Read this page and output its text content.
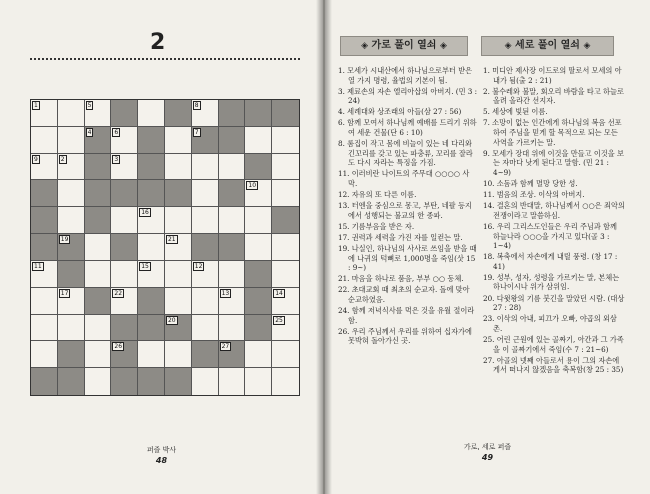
2
1	5	8
4	6	7
9	2	3
10
16
19	21
11	15	12
17	22	13	14
20	25
26	27
퍼즐 박사
48
◈ 가로 풀이 열쇠 ◈	◈ 세로 풀이 열쇠 ◈
1. 모세가 시내산에서 하나님으로부터 받은 열 가지 명령, 율법의 기본이 됨.
3. 제료손의 자손 엘리아삽의 아버지. (민 3 : 24)
4. 세례대와 상조래의 아들(삼 27 : 56)
6. 함께 모여서 하나님께 예배를 드리기 위하여 세운 건물(단 6 : 10)
8. 롬집이 작고 몸에 비늘이 있는 네 다리와 긴꼬리를 갖고 있는 파충류, 꼬리를 잘라도 다시 자라는 특징을 가짐.
11. 이러비란 나이트의 주무대 ○○○○ 사막.
12. 자유의 또 다른 이름.
13. 터엔을 중심으로 몽고, 부탄, 네팔 등지에서 성행되는 불교의 한 종파.
15. 기름부음을 받은 자.
17. 권력과 세력을 가진 자를 일컫는 말.
19. 나실인, 하나님의 사사로 쓰임을 받을 때에 나귀의 턱뼈로 1,000명을 죽임(삿 15 : 9~)
21. 마음을 하나로 품음, 부부 ○○ 동체.
22. 초대교회 때 최초의 순교자. 돌에 맞아 순교하였음.
24. 함께 저녁식사를 먹은 것을 유월 절이라 함.
26. 우리 주님께서 우리를 위하여 십자가에 못박혀 돌아가신 곳.
1. 미디안 제사장 이드로의 딸로서 모세의 아내가 됨(출 2 : 21)
2. 불수레와 불말, 회오리 바람을 타고 하늘로 올려 올라간 선지자.
5. 세상에 빛된 이름.
7. 소망이 없는 인간에게 하나님의 복음 선포하여 주님을 믿게 할 목적으로 되는 모든 사역을 가르키는 말.
9. 모세가 장대 위에 이것을 만들고 이것을 보는 자마다 낫게 된다고 말함. (민 21 : 4~9)
10. 소돔과 함께 멸망 당한 성.
11. 범음의 조상. 이삭의 아버지.
14. 결혼의 반대말, 하나님께서 ○○은 죄악의 전쟁이라고 말씀하심.
16. 우리 그리스도인들은 우리 주님과 함께 하늘나라 ○○○을 가지고 있다(골 3 : 1~4)
18. 복축에서 자손에게 내릴 풍령. (창 17 : 41)
19. 성부, 성자, 성령을 가르키는 말, 본체는 하나이시나 위가 삼위임.
20. 다윗왕의 기름 붓긴을 말았던 시람. (대상 27 : 28)
23. 이삭의 아내, 피끄가 오빠, 야곱의 외삼촌.
25. 어린 근원에 있는 골짜기, 아간과 그 가족을 이 골짜기에서 죽임(수 7 : 21~6)
27. 아골의 넷째 아들로서 용이 그의 자손에게서 떠나지 않겠음을 축복함(창 25 : 35)
가로, 세로 퍼즐
49
